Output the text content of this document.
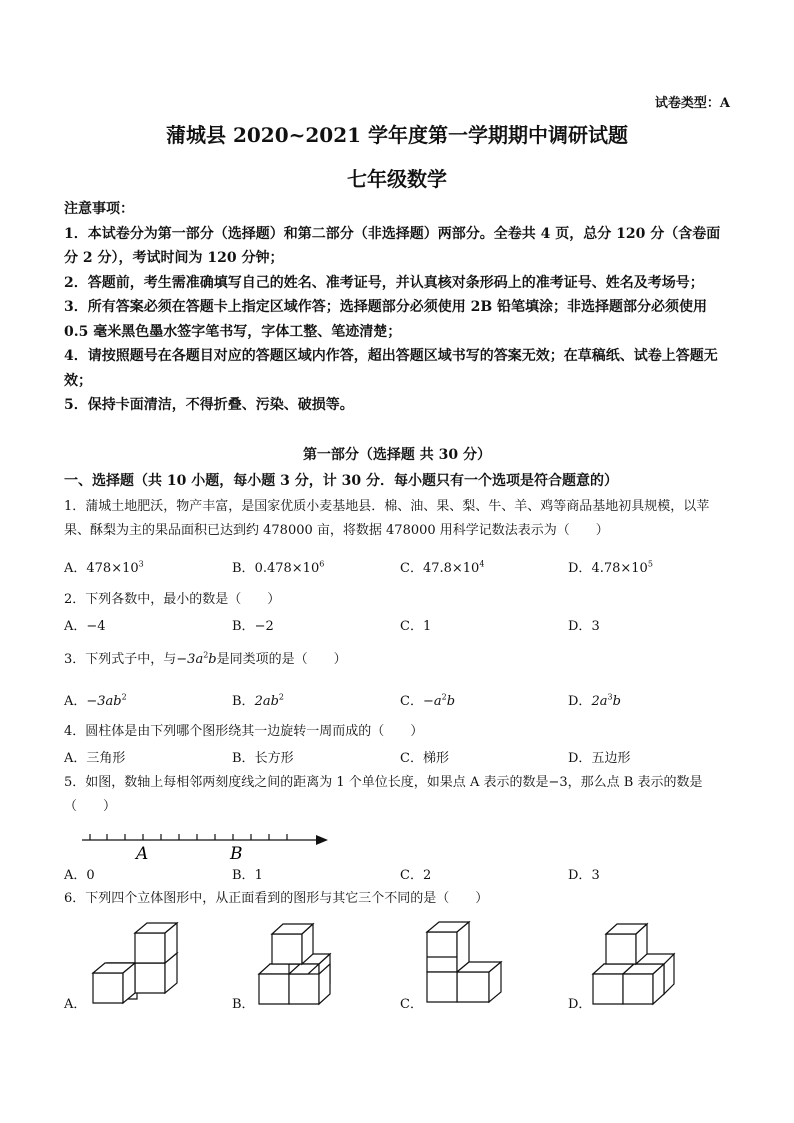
试卷类型：A
蒲城县 2020~2021 学年度第一学期期中调研试题
七年级数学

注意事项：

1．本试卷分为第一部分（选择题）和第二部分（非选择题）两部分。全卷共 4 页，总分 120 分（含卷面分 2 分），考试时间为 120 分钟；

2．答题前，考生需准确填写自己的姓名、准考证号，并认真核对条形码上的准考证号、姓名及考场号；

3．所有答案必须在答题卡上指定区域作答；选择题部分必须使用 2B 铅笔填涂；非选择题部分必须使用 0.5 毫米黑色墨水签字笔书写，字体工整、笔迹清楚；

4．请按照题号在各题目对应的答题区域内作答，超出答题区域书写的答案无效；在草稿纸、试卷上答题无效；

5．保持卡面清洁，不得折叠、污染、破损等。

第一部分（选择题 共 30 分）
一、选择题（共 10 小题，每小题 3 分，计 30 分．每小题只有一个选项是符合题意的）
1．蒲城土地肥沃，物产丰富，是国家优质小麦基地县．棉、油、果、梨、牛、羊、鸡等商品基地初具规模，以苹果、酥梨为主的果品面积已达到约 478000 亩，将数据 478000 用科学记数法表示为（　　）
A．$478\times 10^3$	B．$0.478\times 10^6$	C．$47.8\times 10^4$	D．$4.78\times 10^5$
2．下列各数中，最小的数是（　　）
A．−4	B．−2	C．1	D．3
3．下列式子中，与$-3a^2b$是同类项的是（　　）
A．$-3ab^2$	B．$2ab^2$	C．$-a^2b$	D．$2a^3b$
4．圆柱体是由下列哪个图形绕其一边旋转一周而成的（　　）
A．三角形	B．长方形	C．梯形	D．五边形
5．如图，数轴上每相邻两刻度线之间的距离为 1 个单位长度，如果点 A 表示的数是−3，那么点 B 表示的数是（　　）
A	B
A．0	B．1	C．2	D．3
6．下列四个立体图形中，从正面看到的图形与其它三个不同的是（　　）
A．	B．	C．	D．
